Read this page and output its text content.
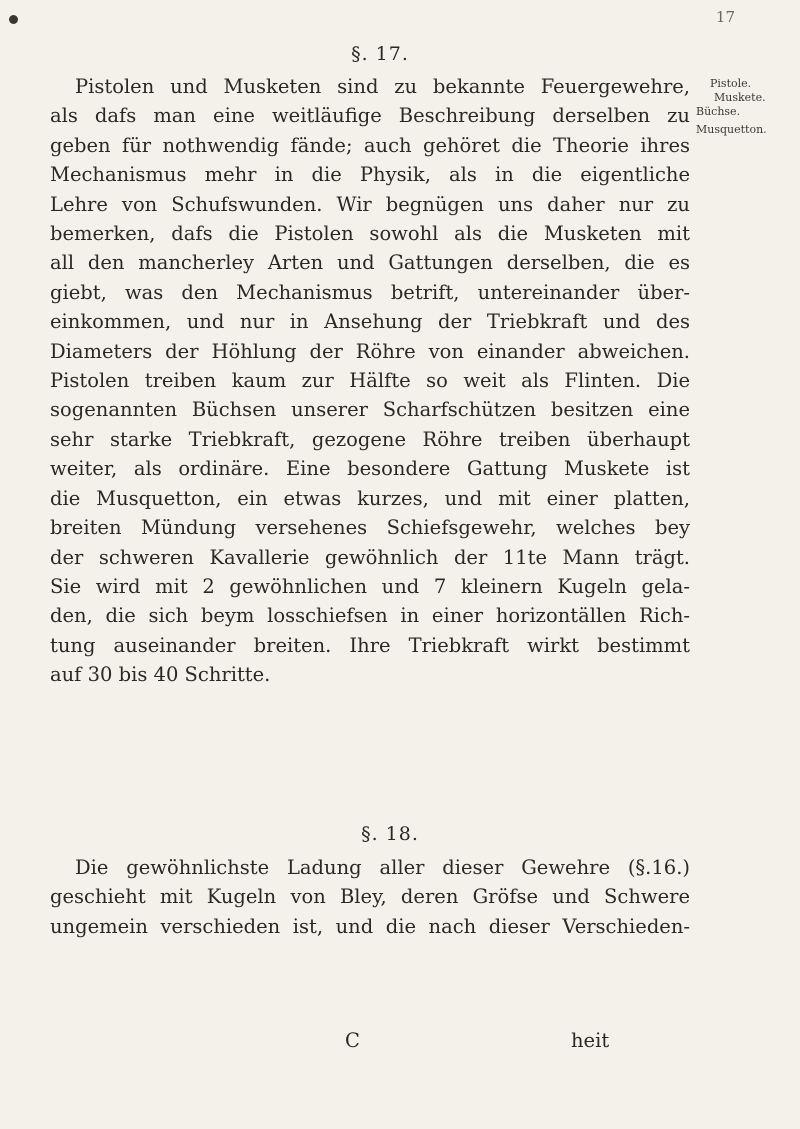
17
§. 17.
Pistolen und Musketen sind zu bekannte Feuergewehre,
als dafs man eine weitläufige Beschreibung derselben zu
geben für nothwendig fände; auch gehöret die Theorie ihres
Mechanismus mehr in die Physik, als in die eigentliche
Lehre von Schufswunden. Wir begnügen uns daher nur zu
bemerken, dafs die Pistolen sowohl als die Musketen mit
all den mancherley Arten und Gattungen derselben, die es
giebt, was den Mechanismus betrift, untereinander über-
einkommen, und nur in Ansehung der Triebkraft und des
Diameters der Höhlung der Röhre von einander abweichen.
Pistolen treiben kaum zur Hälfte so weit als Flinten. Die
sogenannten Büchsen unserer Scharfschützen besitzen eine
sehr starke Triebkraft, gezogene Röhre treiben überhaupt
weiter, als ordinäre. Eine besondere Gattung Muskete ist
die Musquetton, ein etwas kurzes, und mit einer platten,
breiten Mündung versehenes Schiefsgewehr, welches bey
der schweren Kavallerie gewöhnlich der 11te Mann trägt.
Sie wird mit 2 gewöhnlichen und 7 kleinern Kugeln gela-
den, die sich beym losschiefsen in einer horizontällen Rich-
tung auseinander breiten. Ihre Triebkraft wirkt bestimmt
auf 30 bis 40 Schritte.
Pistole.
Muskete.
Büchse.
Musquetton.
§. 18.
Die gewöhnlichste Ladung aller dieser Gewehre (§.16.)
geschieht mit Kugeln von Bley, deren Gröfse und Schwere
ungemein verschieden ist, und die nach dieser Verschieden-
C	heit
